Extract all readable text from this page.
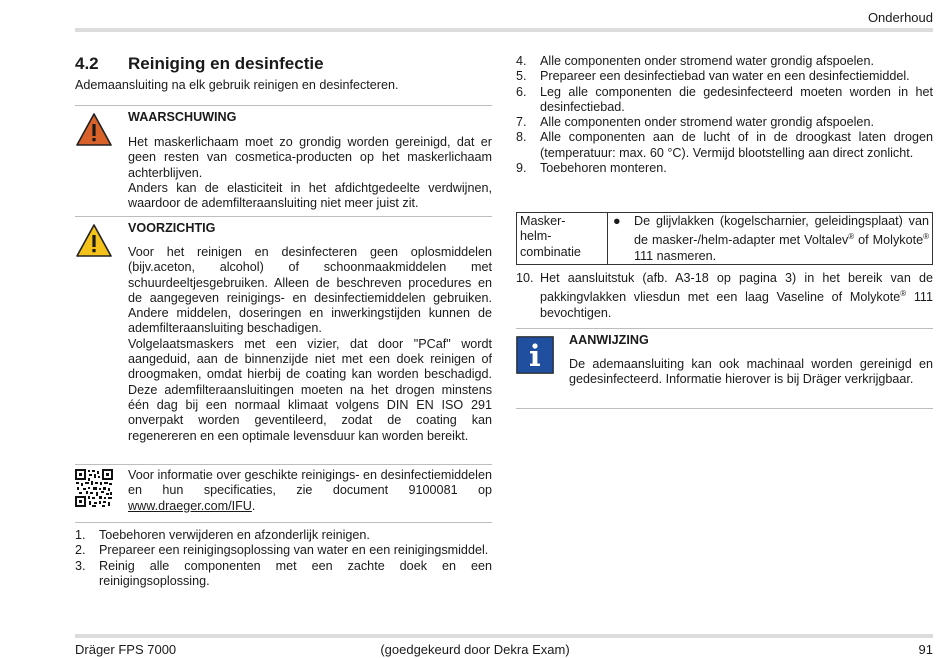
Onderhoud
4.2 Reiniging en desinfectie
Ademaansluiting na elk gebruik reinigen en desinfecteren.
WAARSCHUWING

Het maskerlichaam moet zo grondig worden gereinigd, dat er geen resten van cosmetica-producten op het maskerlichaam achterblijven.

Anders kan de elasticiteit in het afdichtgedeelte verdwijnen, waardoor de ademfilteraansluiting niet meer juist zit.

VOORZICHTIG

Voor het reinigen en desinfecteren geen oplosmiddelen (bijv.aceton, alcohol) of schoonmaakmiddelen met schuurdeeltjesgebruiken. Alleen de beschreven procedures en de aangegeven reinigings- en desinfectiemiddelen gebruiken. Andere middelen, doseringen en inwerkingstijden kunnen de ademfilteraansluiting beschadigen.

Volgelaatsmaskers met een vizier, dat door "PCaf" wordt aangeduid, aan de binnenzijde niet met een doek reinigen of droogmaken, omdat hierbij de coating kan worden beschadigd. Deze ademfilteraansluitingen moeten na het drogen minstens één dag bij een normaal klimaat volgens DIN EN ISO 291 onverpakt worden geventileerd, zodat de coating kan regenereren en een optimale levensduur kan worden bereikt.

Voor informatie over geschikte reinigings- en desinfectiemiddelen en hun specificaties, zie document 9100081 op www.draeger.com/IFU.
1. Toebehoren verwijderen en afzonderlijk reinigen.
2. Prepareer een reinigingsoplossing van water en een reinigingsmiddel.
3. Reinig alle componenten met een zachte doek en een reinigingsoplossing.
4. Alle componenten onder stromend water grondig afspoelen.
5. Prepareer een desinfectiebad van water en een desinfectiemiddel.
6. Leg alle componenten die gedesinfecteerd moeten worden in het desinfectiebad.
7. Alle componenten onder stromend water grondig afspoelen.
8. Alle componenten aan de lucht of in de droogkast laten drogen (temperatuur: max. 60 °C). Vermijd blootstelling aan direct zonlicht.
9. Toebehoren monteren.
Masker-
helm-
combinatie
● De glijvlakken (kogelscharnier, geleidingsplaat) van de masker-/helm-adapter met Voltalev® of Molykote® 111 nasmeren.
10. Het aansluitstuk (afb. A3-18 op pagina 3) in het bereik van de pakkingvlakken vliesdun met een laag Vaseline of Molykote® 111 bevochtigen.
AANWIJZING
De ademaansluiting kan ook machinaal worden gereinigd en gedesinfecteerd. Informatie hierover is bij Dräger verkrijgbaar.
Dräger FPS 7000	(goedgekeurd door Dekra Exam)	91
